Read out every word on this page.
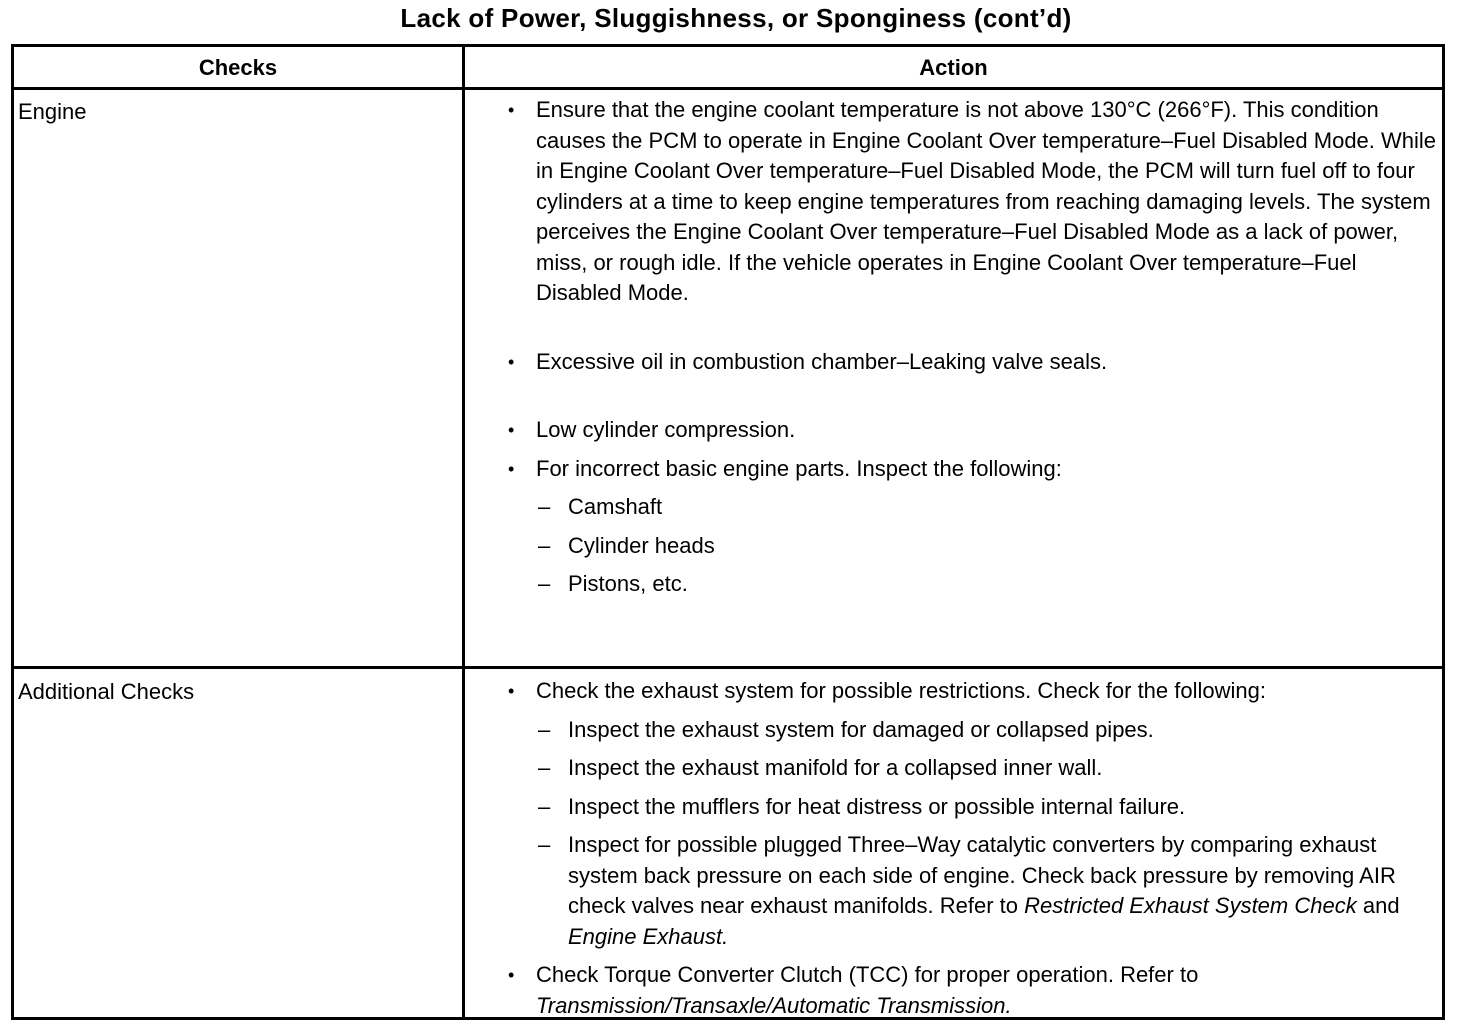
Lack of Power, Sluggishness, or Sponginess (cont’d)
Checks	Action
Engine	• Ensure that the engine coolant temperature is not above 130°C (266°F). This condition causes the PCM to operate in Engine Coolant Over temperature–Fuel Disabled Mode. While in Engine Coolant Over temperature–Fuel Disabled Mode, the PCM will turn fuel off to four cylinders at a time to keep engine temperatures from reaching damaging levels. The system perceives the Engine Coolant Over temperature–Fuel Disabled Mode as a lack of power, miss, or rough idle. If the vehicle operates in Engine Coolant Over temperature–Fuel Disabled Mode.
• Excessive oil in combustion chamber–Leaking valve seals.
• Low cylinder compression.
• For incorrect basic engine parts. Inspect the following:
– Camshaft
– Cylinder heads
– Pistons, etc.
Additional Checks	• Check the exhaust system for possible restrictions. Check for the following:
– Inspect the exhaust system for damaged or collapsed pipes.
– Inspect the exhaust manifold for a collapsed inner wall.
– Inspect the mufflers for heat distress or possible internal failure.
– Inspect for possible plugged Three–Way catalytic converters by comparing exhaust system back pressure on each side of engine. Check back pressure by removing AIR check valves near exhaust manifolds. Refer to Restricted Exhaust System Check and Engine Exhaust.
• Check Torque Converter Clutch (TCC) for proper operation. Refer to Transmission/Transaxle/Automatic Transmission.
